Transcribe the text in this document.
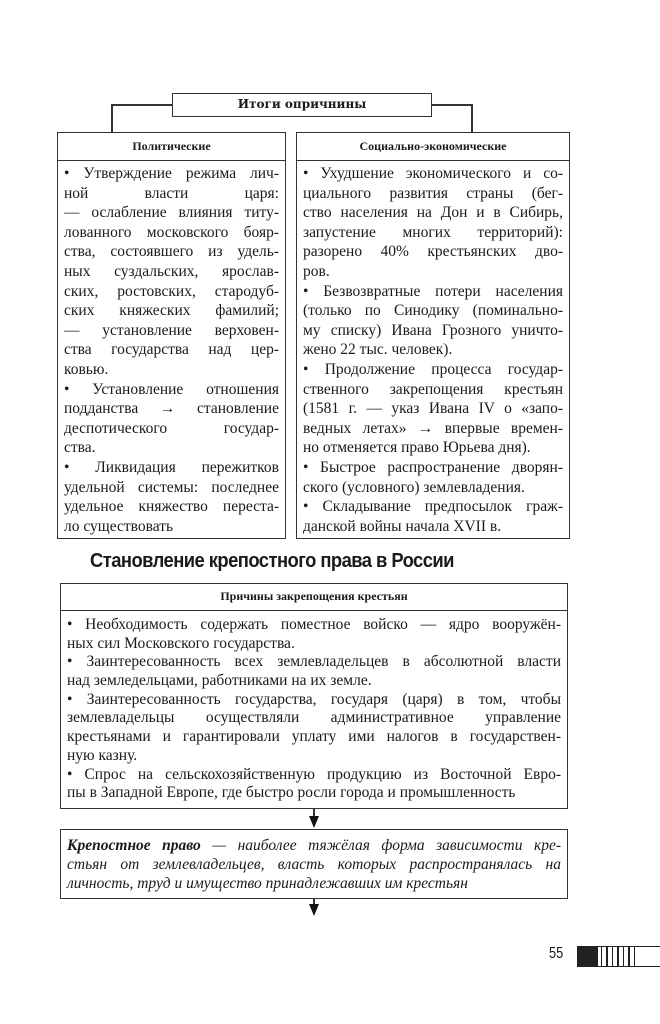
Итоги опричнины
Политические
• Утверждение режима лич-
ной власти царя:
— ослабление влияния титу-
лованного московского бояр-
ства, состоявшего из удель-
ных суздальских, ярослав-
ских, ростовских, стародуб-
ских княжеских фамилий;
— установление верховен-
ства государства над цер-
ковью.
• Установление отношения
подданства → становление
деспотического государ-
ства.
• Ликвидация пережитков
удельной системы: последнее
удельное княжество переста-
ло существовать
Социально-экономические
• Ухудшение экономического и со-
циального развития страны (бег-
ство населения на Дон и в Сибирь,
запустение многих территорий):
разорено 40% крестьянских дво-
ров.
• Безвозвратные потери населения
(только по Синодику (поминально-
му списку) Ивана Грозного уничто-
жено 22 тыс. человек).
• Продолжение процесса государ-
ственного закрепощения крестьян
(1581 г. — указ Ивана IV о «запо-
ведных летах» → впервые времен-
но отменяется право Юрьева дня).
• Быстрое распространение дворян-
ского (условного) землевладения.
• Складывание предпосылок граж-
данской войны начала XVII в.
Становление крепостного права в России
Причины закрепощения крестьян
• Необходимость содержать поместное войско — ядро вооружён-
ных сил Московского государства.
• Заинтересованность всех землевладельцев в абсолютной власти
над земледельцами, работниками на их земле.
• Заинтересованность государства, государя (царя) в том, чтобы
землевладельцы осуществляли административное управление
крестьянами и гарантировали уплату ими налогов в государствен-
ную казну.
• Спрос на сельскохозяйственную продукцию из Восточной Евро-
пы в Западной Европе, где быстро росли города и промышленность
Крепостное право — наиболее тяжёлая форма зависимости кре-
стьян от землевладельцев, власть которых распространялась на
личность, труд и имущество принадлежавших им крестьян
55
